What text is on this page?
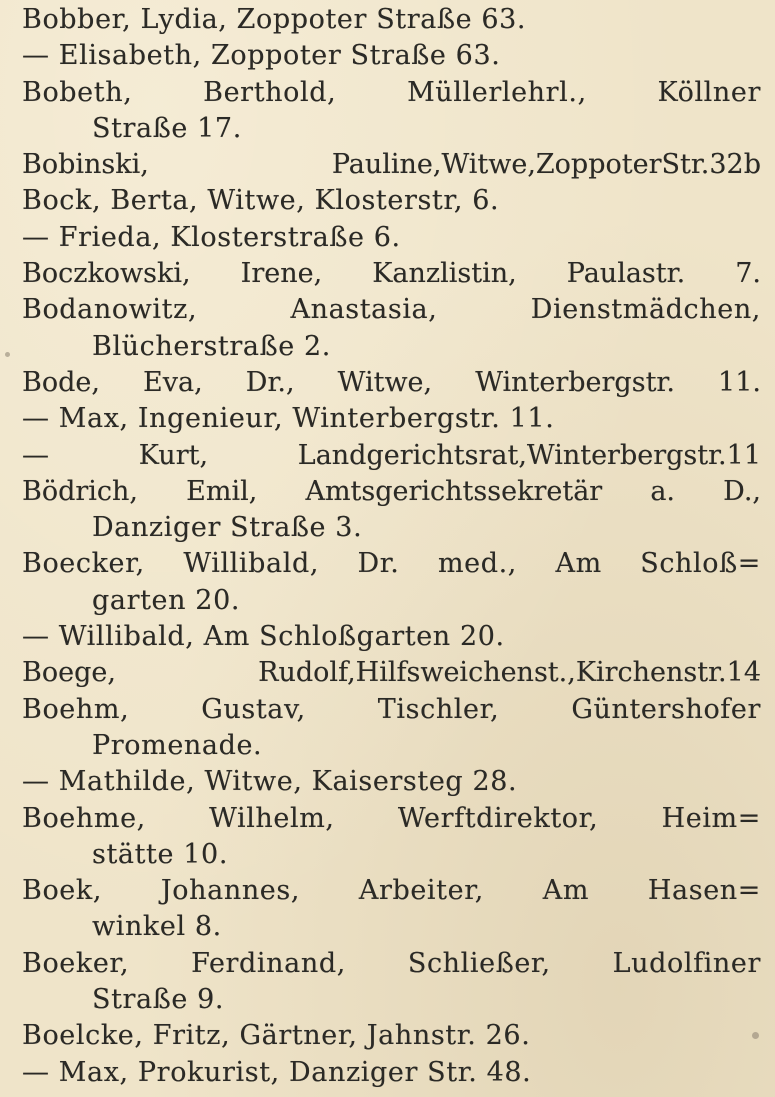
Bobber, Lydia, Zoppoter Straße 63.
— Elisabeth, Zoppoter Straße 63.
Bobeth, Berthold, Müllerlehrl., Köllner
Straße 17.
Bobinski, Pauline,Witwe,ZoppoterStr.32b
Bock, Berta, Witwe, Klosterstr, 6.
— Frieda, Klosterstraße 6.
Boczkowski, Irene, Kanzlistin, Paulastr. 7.
Bodanowitz, Anastasia, Dienstmädchen,
Blücherstraße 2.
Bode, Eva, Dr., Witwe, Winterbergstr. 11.
— Max, Ingenieur, Winterbergstr. 11.
— Kurt, Landgerichtsrat,Winterbergstr.11
Bödrich, Emil, Amtsgerichtssekretär a. D.,
Danziger Straße 3.
Boecker, Willibald, Dr. med., Am Schloß=
garten 20.
— Willibald, Am Schloßgarten 20.
Boege, Rudolf,Hilfsweichenst.,Kirchenstr.14
Boehm, Gustav, Tischler, Güntershofer
Promenade.
— Mathilde, Witwe, Kaisersteg 28.
Boehme, Wilhelm, Werftdirektor, Heim=
stätte 10.
Boek, Johannes, Arbeiter, Am Hasen=
winkel 8.
Boeker, Ferdinand, Schließer, Ludolfiner
Straße 9.
Boelcke, Fritz, Gärtner, Jahnstr. 26.
— Max, Prokurist, Danziger Str. 48.
